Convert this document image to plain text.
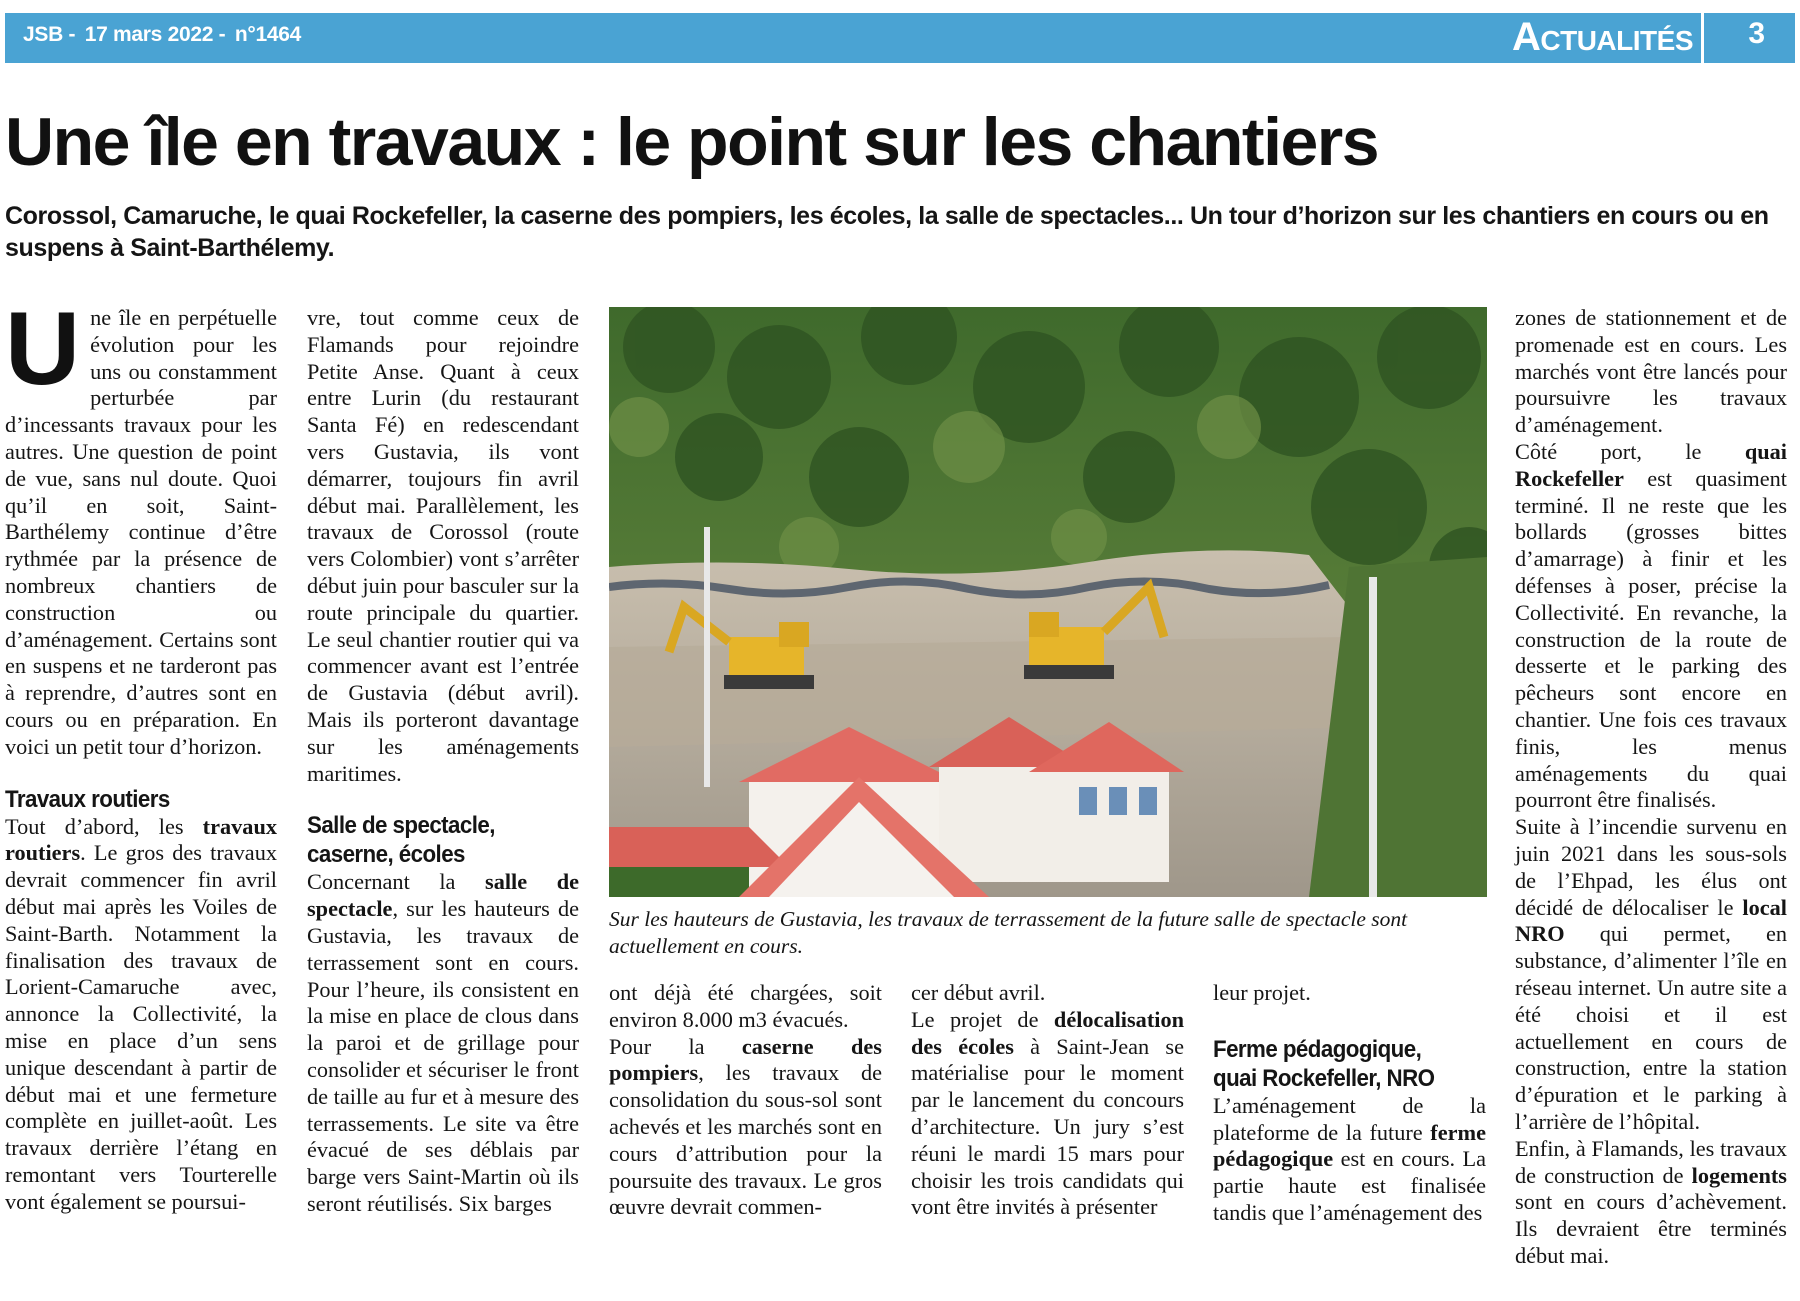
JSB - 17 mars 2022 - n°1464	Actualités 3
Une île en travaux : le point sur les chantiers

Corossol, Camaruche, le quai Rockefeller, la caserne des pompiers, les écoles, la salle de spectacles... Un tour d’horizon sur les chantiers en cours ou en suspens à Saint-Barthélemy.

Une île en perpétuelle évolution pour les uns ou constamment perturbée par d’incessants travaux pour les autres. Une question de point de vue, sans nul doute. Quoi qu’il en soit, Saint-Barthélemy continue d’être rythmée par la présence de nombreux chantiers de construction ou d’aménagement. Certains sont en suspens et ne tarderont pas à reprendre, d’autres sont en cours ou en préparation. En voici un petit tour d’horizon.

Travaux routiers

Tout d’abord, les travaux routiers. Le gros des travaux devrait commencer fin avril début mai après les Voiles de Saint-Barth. Notamment la finalisation des travaux de Lorient-Camaruche avec, annonce la Collectivité, la mise en place d’un sens unique descendant à partir de début mai et une fermeture complète en juillet-août. Les travaux derrière l’étang en remontant vers Tourterelle vont également se poursui-

vre, tout comme ceux de Flamands pour rejoindre Petite Anse. Quant à ceux entre Lurin (du restaurant Santa Fé) en redescendant vers Gustavia, ils vont démarrer, toujours fin avril début mai. Parallèlement, les travaux de Corossol (route vers Colombier) vont s’arrêter début juin pour basculer sur la route principale du quartier. Le seul chantier routier qui va commencer avant est l’entrée de Gustavia (début avril). Mais ils porteront davantage sur les aménagements maritimes.

Salle de spectacle,
caserne, écoles

Concernant la salle de spectacle, sur les hauteurs de Gustavia, les travaux de terrassement sont en cours. Pour l’heure, ils consistent en la mise en place de clous dans la paroi et de grillage pour consolider et sécuriser le front de taille au fur et à mesure des terrassements. Le site va être évacué de ses déblais par barge vers Saint-Martin où ils seront réutilisés. Six barges

Sur les hauteurs de Gustavia, les travaux de terrassement de la future salle de spectacle sont actuellement en cours.

ont déjà été chargées, soit environ 8.000 m3 évacués.

Pour la caserne des pompiers, les travaux de consolidation du sous-sol sont achevés et les marchés sont en cours d’attribution pour la poursuite des travaux. Le gros œuvre devrait commen-

cer début avril.

Le projet de délocalisation des écoles à Saint-Jean se matérialise pour le moment par le lancement du concours d’architecture. Un jury s’est réuni le mardi 15 mars pour choisir les trois candidats qui vont être invités à présenter

leur projet.

Ferme pédagogique,
quai Rockefeller, NRO

L’aménagement de la plateforme de la future ferme pédagogique est en cours. La partie haute est finalisée tandis que l’aménagement des

zones de stationnement et de promenade est en cours. Les marchés vont être lancés pour poursuivre les travaux d’aménagement.

Côté port, le quai Rockefeller est quasiment terminé. Il ne reste que les bollards (grosses bittes d’amarrage) à finir et les défenses à poser, précise la Collectivité. En revanche, la construction de la route de desserte et le parking des pêcheurs sont encore en chantier. Une fois ces travaux finis, les menus aménagements du quai pourront être finalisés.

Suite à l’incendie survenu en juin 2021 dans les sous-sols de l’Ehpad, les élus ont décidé de délocaliser le local NRO qui permet, en substance, d’alimenter l’île en réseau internet. Un autre site a été choisi et il est actuellement en cours de construction, entre la station d’épuration et le parking à l’arrière de l’hôpital.

Enfin, à Flamands, les travaux de construction de logements sont en cours d’achèvement. Ils devraient être terminés début mai.
